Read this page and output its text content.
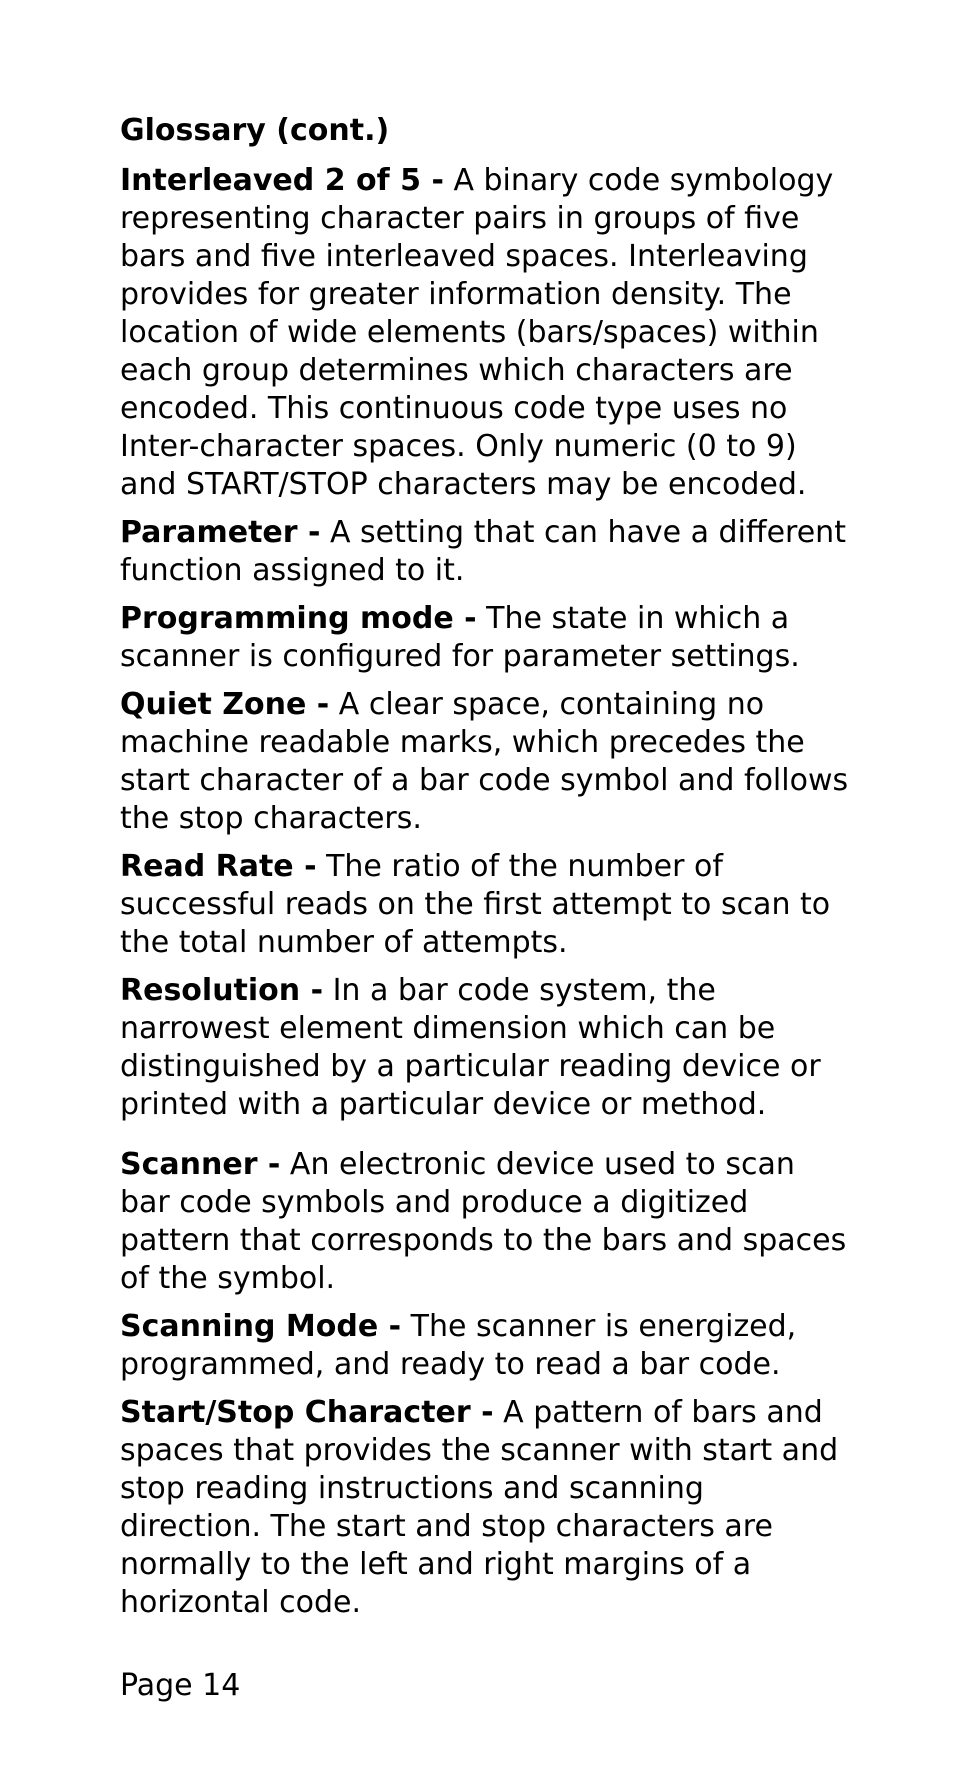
Glossary (cont.)

Interleaved 2 of 5 - A binary code symbology representing character pairs in groups of five bars and five interleaved spaces. Interleaving provides for greater information density. The location of wide elements (bars/spaces) within each group determines which characters are encoded. This continuous code type uses no Inter-character spaces. Only numeric (0 to 9) and START/STOP characters may be encoded.

Parameter - A setting that can have a different function assigned to it.

Programming mode - The state in which a scanner is configured for parameter settings.

Quiet Zone - A clear space, containing no machine readable marks, which precedes the start character of a bar code symbol and follows the stop characters.

Read Rate - The ratio of the number of successful reads on the first attempt to scan to the total number of attempts.

Resolution - In a bar code system, the narrowest element dimension which can be distinguished by a particular reading device or printed with a particular device or method.

Scanner - An electronic device used to scan bar code symbols and produce a digitized pattern that corresponds to the bars and spaces of the symbol.

Scanning Mode - The scanner is energized, programmed, and ready to read a bar code.

Start/Stop Character - A pattern of bars and spaces that provides the scanner with start and stop reading instructions and scanning direction. The start and stop characters are normally to the left and right margins of a horizontal code.

Page 14
